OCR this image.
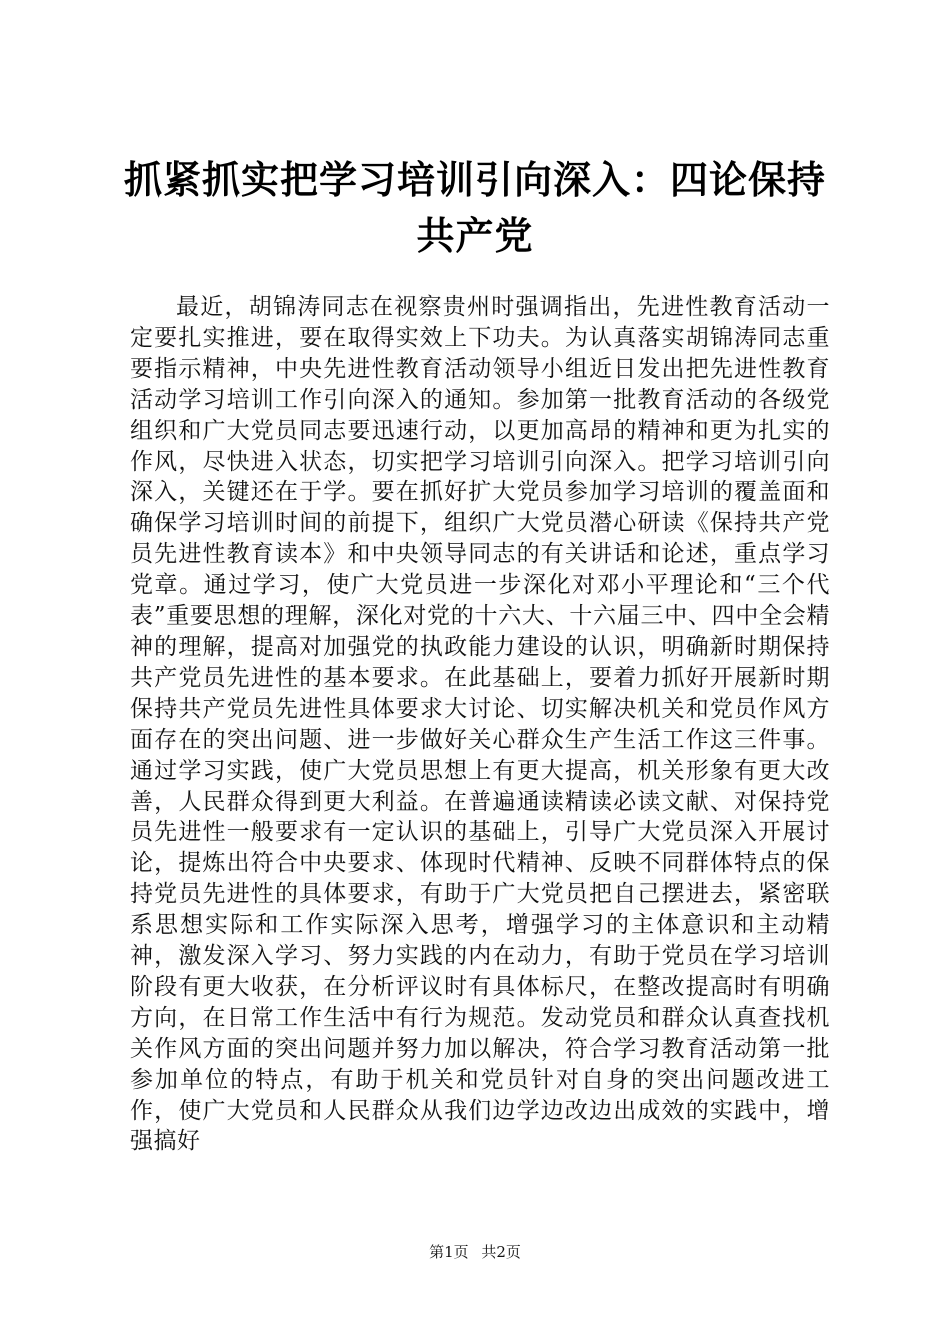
抓紧抓实把学习培训引向深入：四论保持共产党

最近，胡锦涛同志在视察贵州时强调指出，先进性教育活动一定要扎实推进，要在取得实效上下功夫。为认真落实胡锦涛同志重要指示精神，中央先进性教育活动领导小组近日发出把先进性教育活动学习培训工作引向深入的通知。参加第一批教育活动的各级党组织和广大党员同志要迅速行动，以更加高昂的精神和更为扎实的作风，尽快进入状态，切实把学习培训引向深入。把学习培训引向深入，关键还在于学。要在抓好扩大党员参加学习培训的覆盖面和确保学习培训时间的前提下，组织广大党员潜心研读《保持共产党员先进性教育读本》和中央领导同志的有关讲话和论述，重点学习党章。通过学习，使广大党员进一步深化对邓小平理论和“三个代表”重要思想的理解，深化对党的十六大、十六届三中、四中全会精神的理解，提高对加强党的执政能力建设的认识，明确新时期保持共产党员先进性的基本要求。在此基础上，要着力抓好开展新时期保持共产党员先进性具体要求大讨论、切实解决机关和党员作风方面存在的突出问题、进一步做好关心群众生产生活工作这三件事。通过学习实践，使广大党员思想上有更大提高，机关形象有更大改善，人民群众得到更大利益。在普遍通读精读必读文献、对保持党员先进性一般要求有一定认识的基础上，引导广大党员深入开展讨论，提炼出符合中央要求、体现时代精神、反映不同群体特点的保持党员先进性的具体要求，有助于广大党员把自己摆进去，紧密联系思想实际和工作实际深入思考，增强学习的主体意识和主动精神，激发深入学习、努力实践的内在动力，有助于党员在学习培训阶段有更大收获，在分析评议时有具体标尺，在整改提高时有明确方向，在日常工作生活中有行为规范。发动党员和群众认真查找机关作风方面的突出问题并努力加以解决，符合学习教育活动第一批参加单位的特点，有助于机关和党员针对自身的突出问题改进工作，使广大党员和人民群众从我们边学边改边出成效的实践中，增强搞好

第1页 共2页
